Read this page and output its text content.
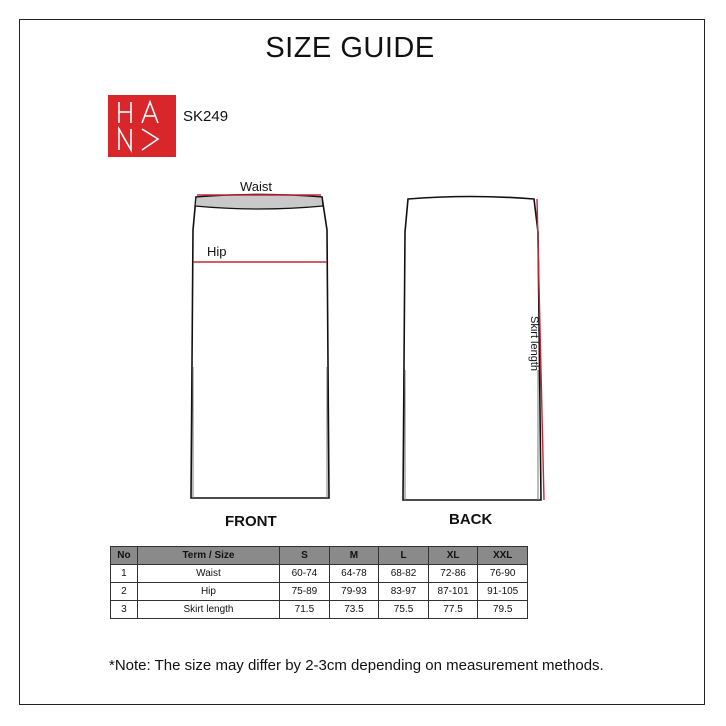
SIZE GUIDE
SK249
Waist
Hip
Skirt length
FRONT	BACK
No	Term / Size	S	M	L	XL	XXL
1	Waist	60-74	64-78	68-82	72-86	76-90
2	Hip	75-89	79-93	83-97	87-101	91-105
3	Skirt length	71.5	73.5	75.5	77.5	79.5
*Note: The size may differ by 2-3cm depending on measurement methods.
